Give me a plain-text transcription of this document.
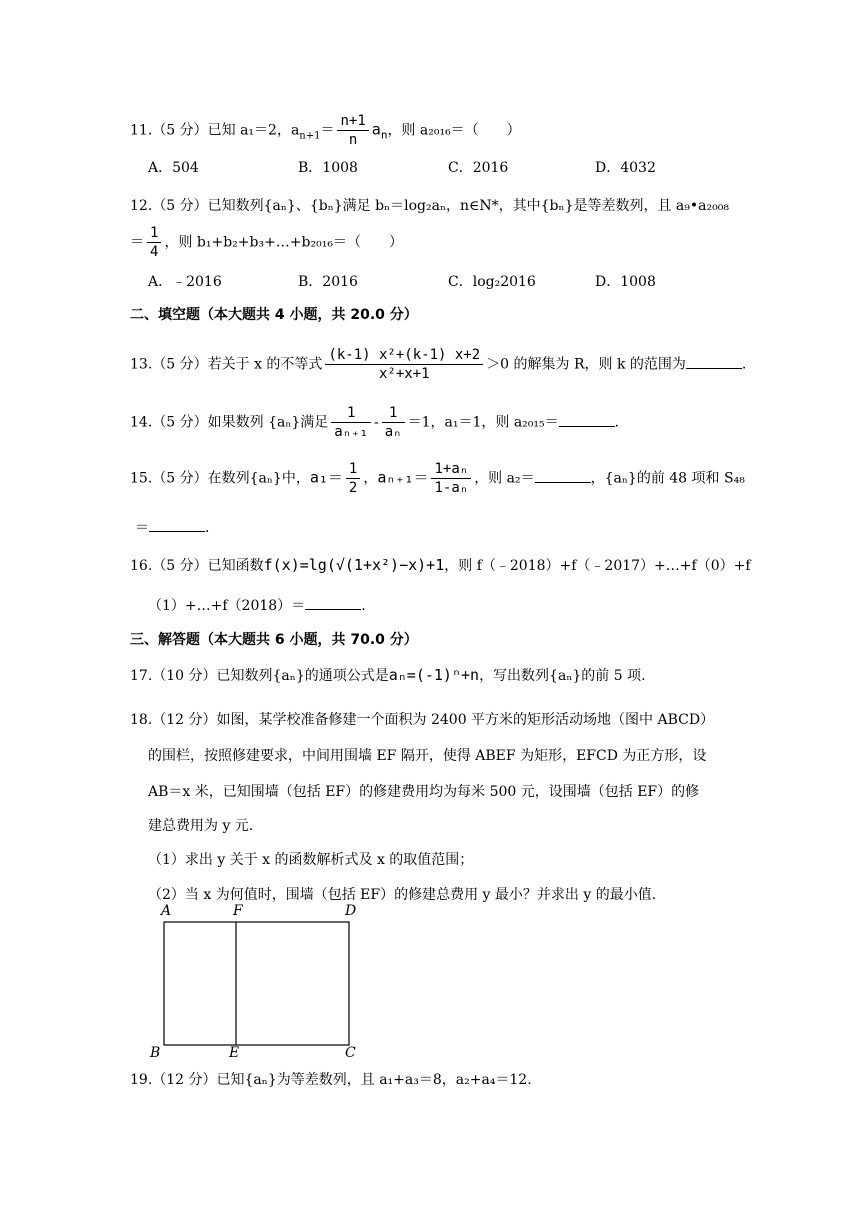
11.（5 分）已知 a₁＝2，$a_{n+1}= \frac{n+1}{n} a_n$，则 a₂₀₁₆＝（　　）
A．504	B．1008	C．2016	D．4032
12.（5 分）已知数列{aₙ}、{bₙ}满足 bₙ＝log₂aₙ，n∈N*，其中{bₙ}是等差数列，且 a₉•a₂₀₀₈
＝ $\frac{1}{4}$ ，则 b₁+b₂+b₃+…+b₂₀₁₆＝（　　）
A．﹣2016	B．2016	C．log₂2016	D．1008
二、填空题（本大题共 4 小题，共 20.0 分）
13.（5 分）若关于 x 的不等式 $\frac{\text{(k-1) x²+(k-1) x+2}}{\text{x²+x+1}} >0$ 的解集为 R，则 k 的范围为	.
14.（5 分）如果数列 {aₙ}满足 $\frac{1}{\text{aₙ₊₁}} - \frac{1}{\text{aₙ}} =1$，a₁＝1，则 a₂₀₁₅＝	.
15.（5 分）在数列{aₙ}中，$a_1= \frac{1}{2}$ ，$a_{n+1}= \frac{\text{1+aₙ}}{\text{1-aₙ}}$ ，则 a₂＝	，{aₙ}的前 48 项和 S₄₈
＝	.
16.（5 分）已知函数f(x)=lg(√(1+x²)−x)+1，则 f（﹣2018）+f（﹣2017）+…+f（0）+f
（1）+…+f（2018）＝	.
三、解答题（本大题共 6 小题，共 70.0 分）
17.（10 分）已知数列{aₙ}的通项公式是aₙ=(-1)ⁿ+n，写出数列{aₙ}的前 5 项.
18.（12 分）如图，某学校准备修建一个面积为 2400 平方米的矩形活动场地（图中 ABCD）
的围栏，按照修建要求，中间用围墙 EF 隔开，使得 ABEF 为矩形，EFCD 为正方形，设
AB＝x 米，已知围墙（包括 EF）的修建费用均为每米 500 元，设围墙（包括 EF）的修
建总费用为 y 元.
（1）求出 y 关于 x 的函数解析式及 x 的取值范围；
（2）当 x 为何值时，围墙（包括 EF）的修建总费用 y 最小？并求出 y 的最小值.
A	F	D
B	E	C
19.（12 分）已知{aₙ}为等差数列，且 a₁+a₃＝8，a₂+a₄＝12.
